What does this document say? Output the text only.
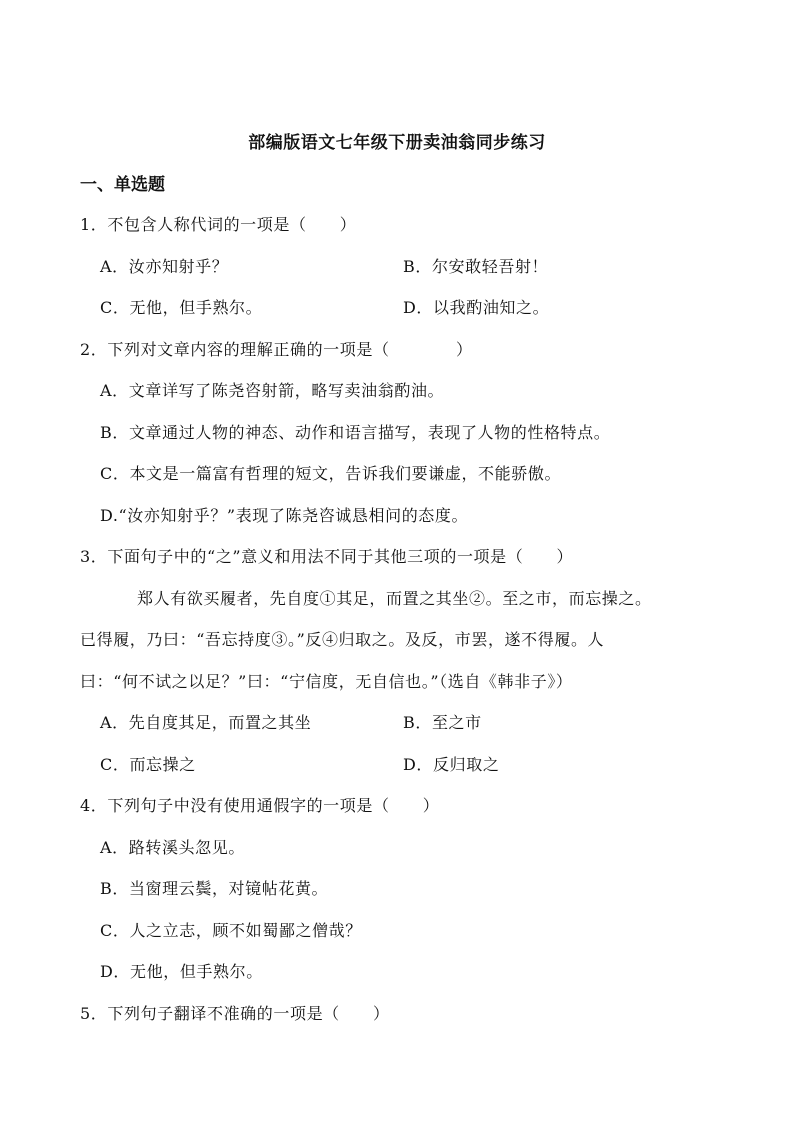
部编版语文七年级下册卖油翁同步练习
一、单选题
1．不包含人称代词的一项是（　　）
A．汝亦知射乎？	B．尔安敢轻吾射！
C．无他，但手熟尔。	D．以我酌油知之。
2．下列对文章内容的理解正确的一项是（　　　　）
A．文章详写了陈尧咨射箭，略写卖油翁酌油。
B．文章通过人物的神态、动作和语言描写，表现了人物的性格特点。
C．本文是一篇富有哲理的短文，告诉我们要谦虚，不能骄傲。
D.“汝亦知射乎？”表现了陈尧咨诚恳相问的态度。
3．下面句子中的“之”意义和用法不同于其他三项的一项是（　　）
郑人有欲买履者，先自度①其足，而置之其坐②。至之市，而忘操之。
已得履，乃曰：“吾忘持度③。”反④归取之。及反，市罢，遂不得履。人
曰：“何不试之以足？”曰：“宁信度，无自信也。”（选自《韩非子》）
A．先自度其足，而置之其坐	B．至之市
C．而忘操之	D．反归取之
4．下列句子中没有使用通假字的一项是（　　）
A．路转溪头忽见。
B．当窗理云鬓，对镜帖花黄。
C．人之立志，顾不如蜀鄙之僧哉？
D．无他，但手熟尔。
5．下列句子翻译不准确的一项是（　　）
